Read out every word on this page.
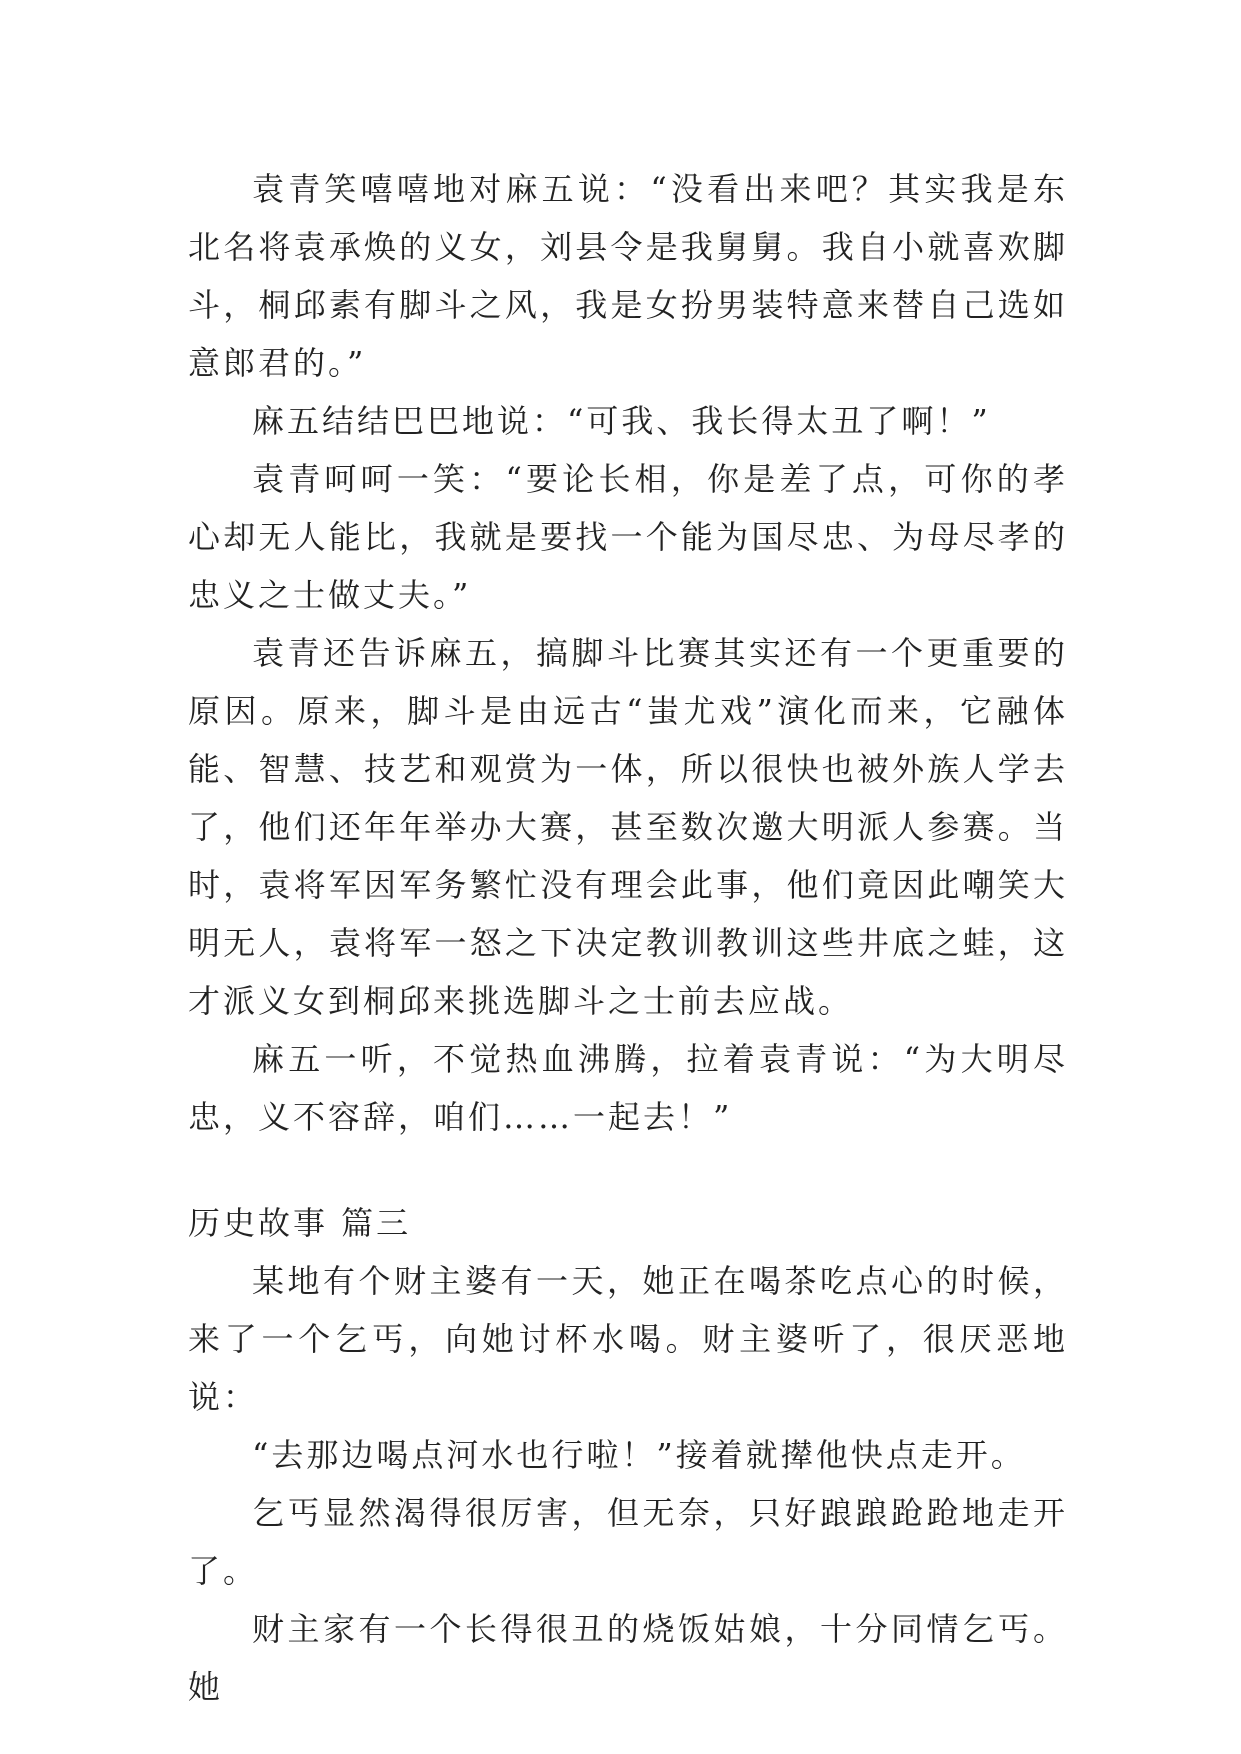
袁青笑嘻嘻地对麻五说：“没看出来吧？其实我是东北名将袁承焕的义女，刘县令是我舅舅。我自小就喜欢脚斗，桐邱素有脚斗之风，我是女扮男装特意来替自己选如意郎君的。”

麻五结结巴巴地说：“可我、我长得太丑了啊！”

袁青呵呵一笑：“要论长相，你是差了点，可你的孝心却无人能比，我就是要找一个能为国尽忠、为母尽孝的忠义之士做丈夫。”

袁青还告诉麻五，搞脚斗比赛其实还有一个更重要的原因。原来，脚斗是由远古“蚩尤戏”演化而来，它融体能、智慧、技艺和观赏为一体，所以很快也被外族人学去了，他们还年年举办大赛，甚至数次邀大明派人参赛。当时，袁将军因军务繁忙没有理会此事，他们竟因此嘲笑大明无人，袁将军一怒之下决定教训教训这些井底之蛙，这才派义女到桐邱来挑选脚斗之士前去应战。

麻五一听，不觉热血沸腾，拉着袁青说：“为大明尽忠，义不容辞，咱们……一起去！”

历史故事 篇三

某地有个财主婆有一天，她正在喝茶吃点心的时候，来了一个乞丐，向她讨杯水喝。财主婆听了，很厌恶地说：

“去那边喝点河水也行啦！”接着就撵他快点走开。

乞丐显然渴得很厉害，但无奈，只好踉踉跄跄地走开了。

财主家有一个长得很丑的烧饭姑娘，十分同情乞丐。她
